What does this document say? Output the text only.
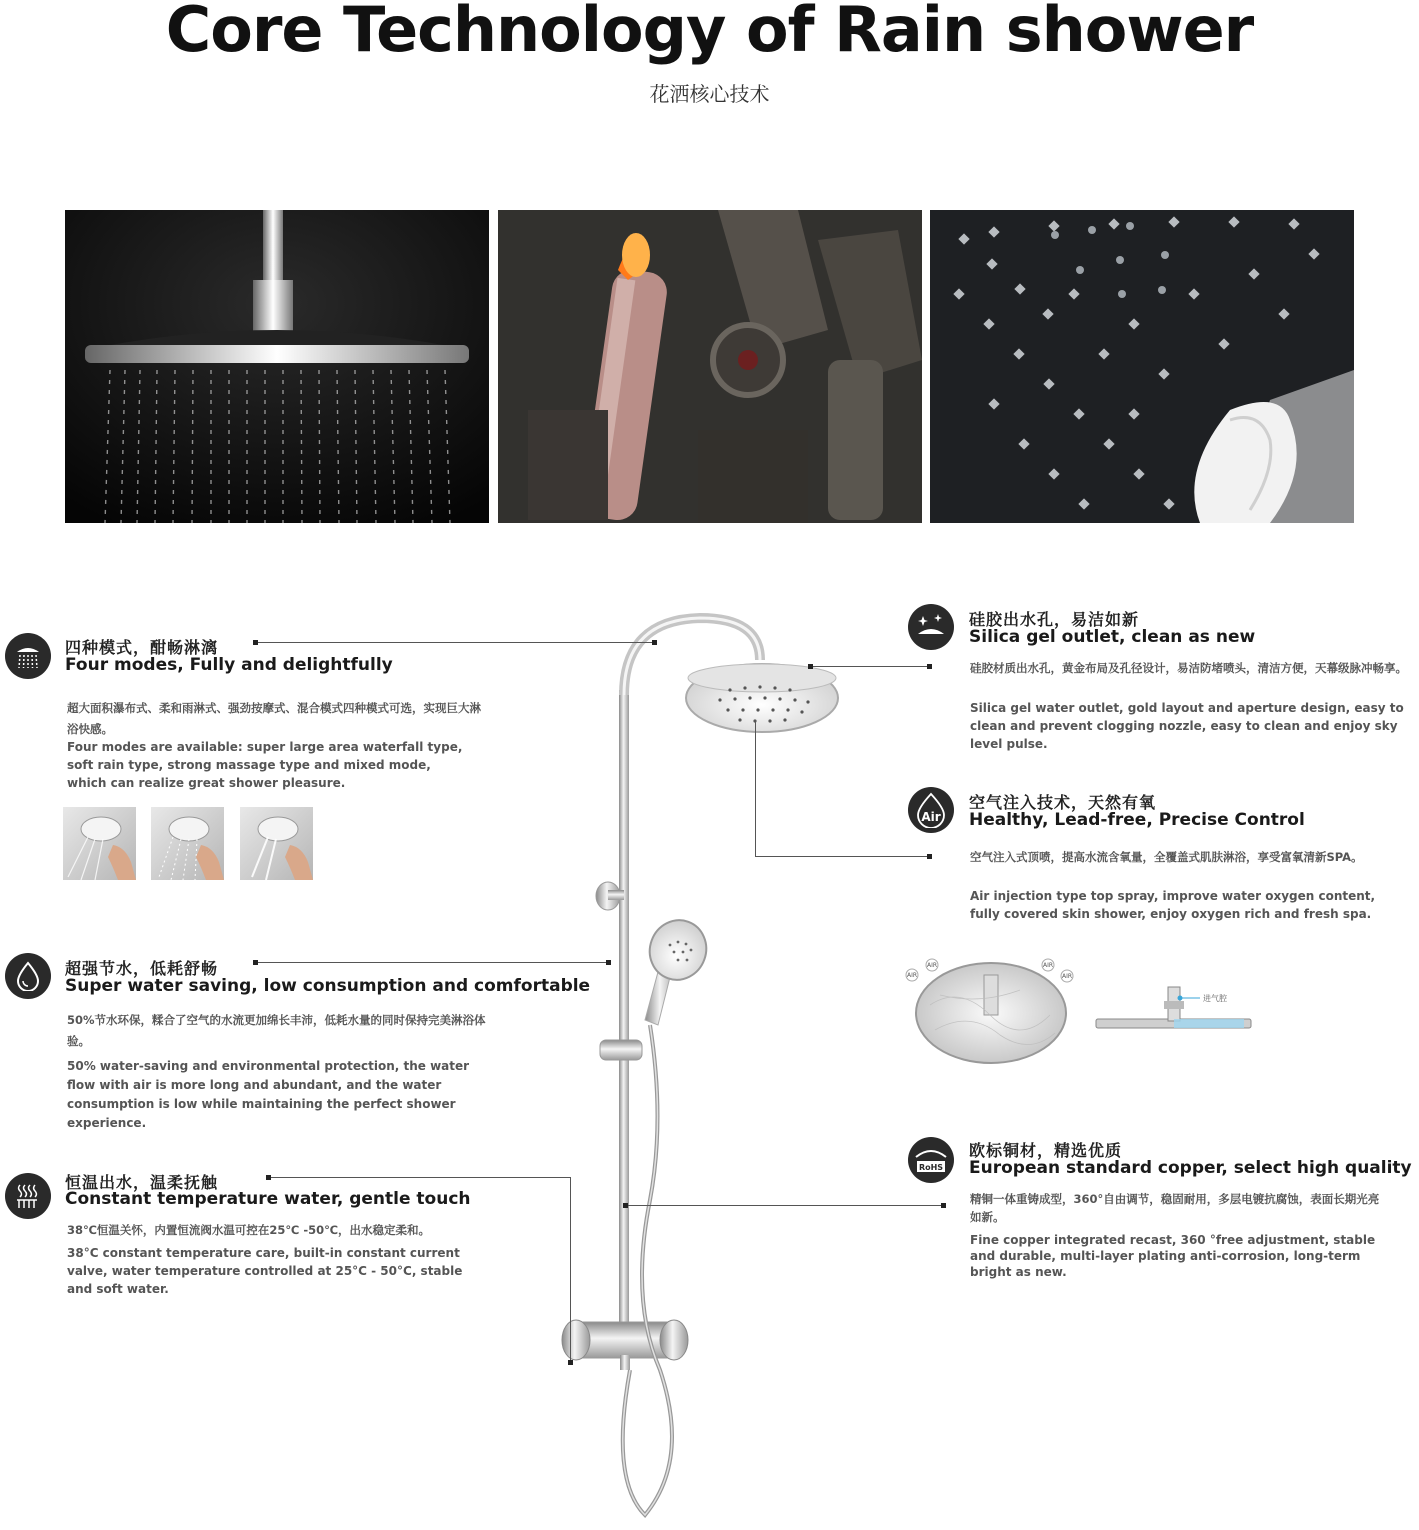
Core Technology of Rain shower
花洒核心技术
四种模式，酣畅淋漓
Four modes, Fully and delightfully
超大面积瀑布式、柔和雨淋式、强劲按摩式、混合模式四种模式可选，实现巨大淋浴快感。
Four modes are available: super large area waterfall type, soft rain type, strong massage type and mixed mode, which can realize great shower pleasure.
超强节水，低耗舒畅
Super water saving, low consumption and comfortable
50%节水环保，糅合了空气的水流更加绵长丰沛，低耗水量的同时保持完美淋浴体验。
50% water-saving and environmental protection, the water flow with air is more long and abundant, and the water consumption is low while maintaining the perfect shower experience.
恒温出水，温柔抚触
Constant temperature water, gentle touch
38℃恒温关怀，内置恒流阀水温可控在25℃ -50℃，出水稳定柔和。
38°C constant temperature care, built-in constant current valve, water temperature controlled at 25°C - 50°C, stable and soft water.
硅胶出水孔，易洁如新
Silica gel outlet, clean as new
硅胶材质出水孔，黄金布局及孔径设计，易洁防堵喷头，清洁方便，天幕级脉冲畅享。
Silica gel water outlet, gold layout and aperture design, easy to clean and prevent clogging nozzle, easy to clean and enjoy sky level pulse.
Air
空气注入技术，天然有氧
Healthy, Lead-free, Precise Control
空气注入式顶喷，提高水流含氧量，全覆盖式肌肤淋浴，享受富氧清新SPA。
Air injection type top spray, improve water oxygen content, fully covered skin shower, enjoy oxygen rich and fresh spa.
AIR
AIR	AIR
AIR
进气腔
RoHS
欧标铜材，精选优质
European standard copper, select high quality
精铜一体重铸成型，360°自由调节，稳固耐用，多层电镀抗腐蚀，表面长期光亮如新。
Fine copper integrated recast, 360 °free adjustment, stable and durable, multi-layer plating anti-corrosion, long-term bright as new.
